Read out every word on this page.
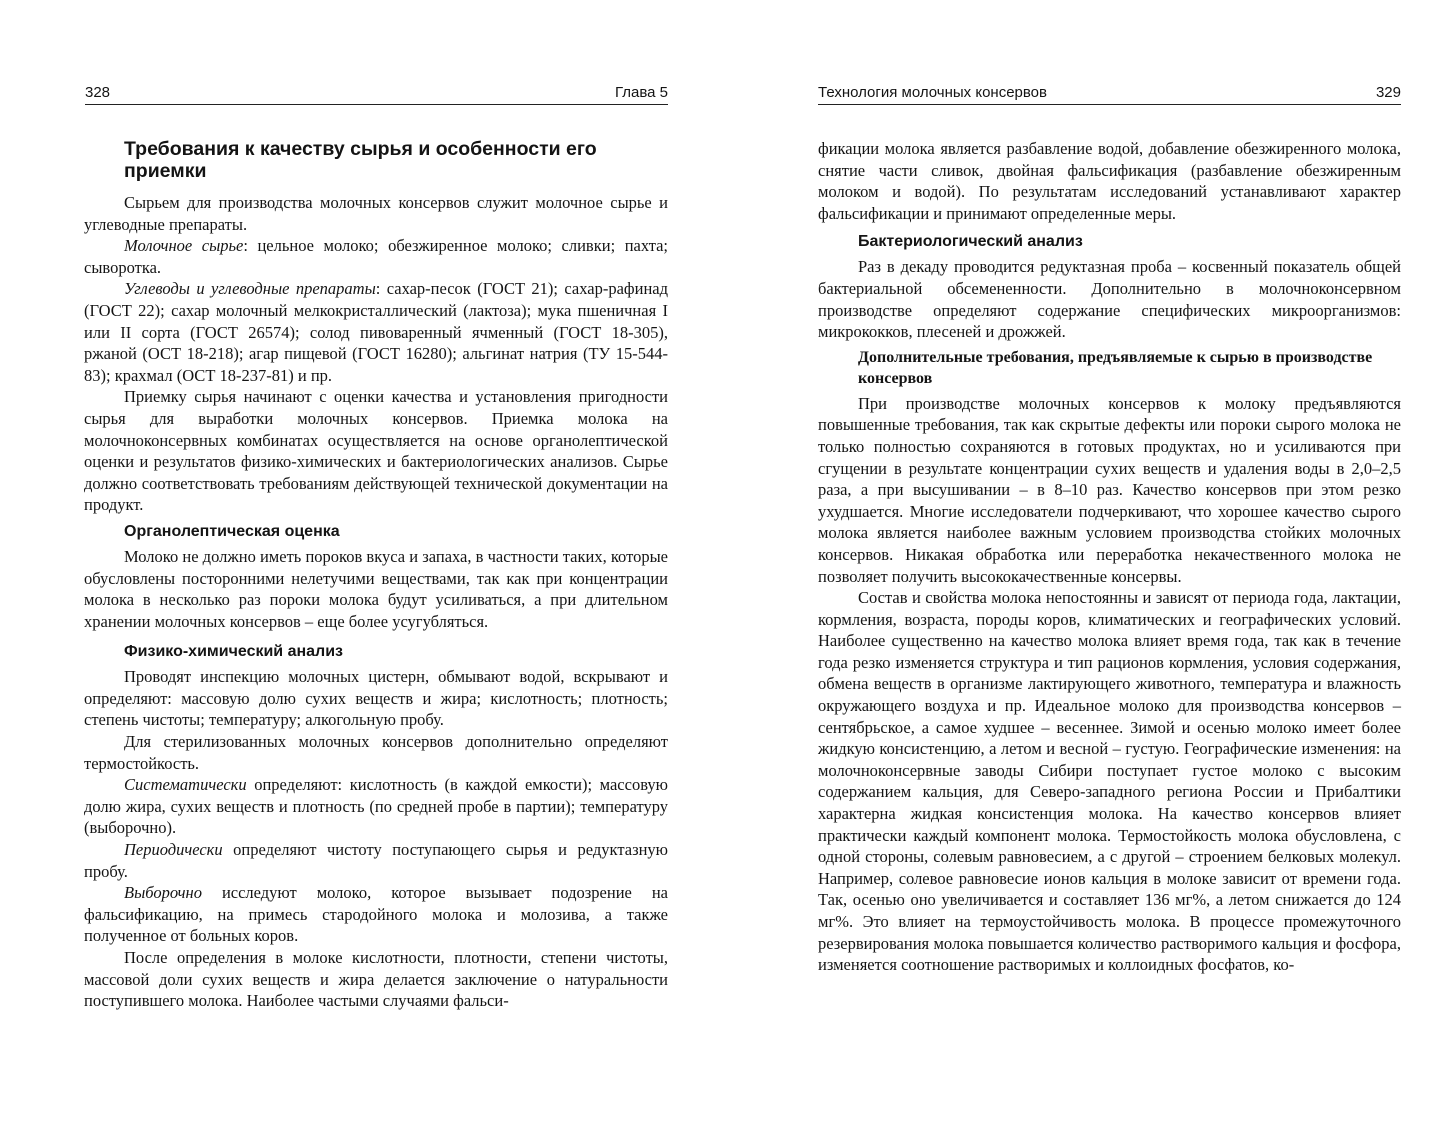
328	Глава 5
Требования к качеству сырья и особенности его приемки

Сырьем для производства молочных консервов служит молочное сырье и углеводные препараты.

Молочное сырье: цельное молоко; обезжиренное молоко; сливки; пахта; сыворотка.

Углеводы и углеводные препараты: сахар-песок (ГОСТ 21); сахар-рафинад (ГОСТ 22); сахар молочный мелкокристаллический (лактоза); мука пшеничная I или II сорта (ГОСТ 26574); солод пивоваренный ячменный (ГОСТ 18-305), ржаной (ОСТ 18-218); агар пищевой (ГОСТ 16280); альгинат натрия (ТУ 15-544-83); крахмал (ОСТ 18-237-81) и пр.

Приемку сырья начинают с оценки качества и установления пригодности сырья для выработки молочных консервов. Приемка молока на молочноконсервных комбинатах осуществляется на основе органолептической оценки и результатов физико-химических и бактериологических анализов. Сырье должно соответствовать требованиям действующей технической документации на продукт.

Органолептическая оценка

Молоко не должно иметь пороков вкуса и запаха, в частности таких, которые обусловлены посторонними нелетучими веществами, так как при концентрации молока в несколько раз пороки молока будут усиливаться, а при длительном хранении молочных консервов – еще более усугубляться.

Физико-химический анализ

Проводят инспекцию молочных цистерн, обмывают водой, вскрывают и определяют: массовую долю сухих веществ и жира; кислотность; плотность; степень чистоты; температуру; алкогольную пробу.

Для стерилизованных молочных консервов дополнительно определяют термостойкость.

Систематически определяют: кислотность (в каждой емкости); массовую долю жира, сухих веществ и плотность (по средней пробе в партии); температуру (выборочно).

Периодически определяют чистоту поступающего сырья и редуктазную пробу.

Выборочно исследуют молоко, которое вызывает подозрение на фальсификацию, на примесь стародойного молока и молозива, а также полученное от больных коров.

После определения в молоке кислотности, плотности, степени чистоты, массовой доли сухих веществ и жира делается заключение о натуральности поступившего молока. Наиболее частыми случаями фальси-

Технология молочных консервов	329

фикации молока является разбавление водой, добавление обезжиренного молока, снятие части сливок, двойная фальсификация (разбавление обезжиренным молоком и водой). По результатам исследований устанавливают характер фальсификации и принимают определенные меры.

Бактериологический анализ

Раз в декаду проводится редуктазная проба – косвенный показатель общей бактериальной обсемененности. Дополнительно в молочноконсервном производстве определяют содержание специфических микроорганизмов: микрококков, плесеней и дрожжей.

Дополнительные требования, предъявляемые к сырью в производстве консервов

При производстве молочных консервов к молоку предъявляются повышенные требования, так как скрытые дефекты или пороки сырого молока не только полностью сохраняются в готовых продуктах, но и усиливаются при сгущении в результате концентрации сухих веществ и удаления воды в 2,0–2,5 раза, а при высушивании – в 8–10 раз. Качество консервов при этом резко ухудшается. Многие исследователи подчеркивают, что хорошее качество сырого молока является наиболее важным условием производства стойких молочных консервов. Никакая обработка или переработка некачественного молока не позволяет получить высококачественные консервы.

Состав и свойства молока непостоянны и зависят от периода года, лактации, кормления, возраста, породы коров, климатических и географических условий. Наиболее существенно на качество молока влияет время года, так как в течение года резко изменяется структура и тип рационов кормления, условия содержания, обмена веществ в организме лактирующего животного, температура и влажность окружающего воздуха и пр. Идеальное молоко для производства консервов – сентябрьское, а самое худшее – весеннее. Зимой и осенью молоко имеет более жидкую консистенцию, а летом и весной – густую. Географические изменения: на молочноконсервные заводы Сибири поступает густое молоко с высоким содержанием кальция, для Северо-западного региона России и Прибалтики характерна жидкая консистенция молока. На качество консервов влияет практически каждый компонент молока. Термостойкость молока обусловлена, с одной стороны, солевым равновесием, а с другой – строением белковых молекул. Например, солевое равновесие ионов кальция в молоке зависит от времени года. Так, осенью оно увеличивается и составляет 136 мг%, а летом снижается до 124 мг%. Это влияет на термоустойчивость молока. В процессе промежуточного резервирования молока повышается количество растворимого кальция и фосфора, изменяется соотношение растворимых и коллоидных фосфатов, ко-
